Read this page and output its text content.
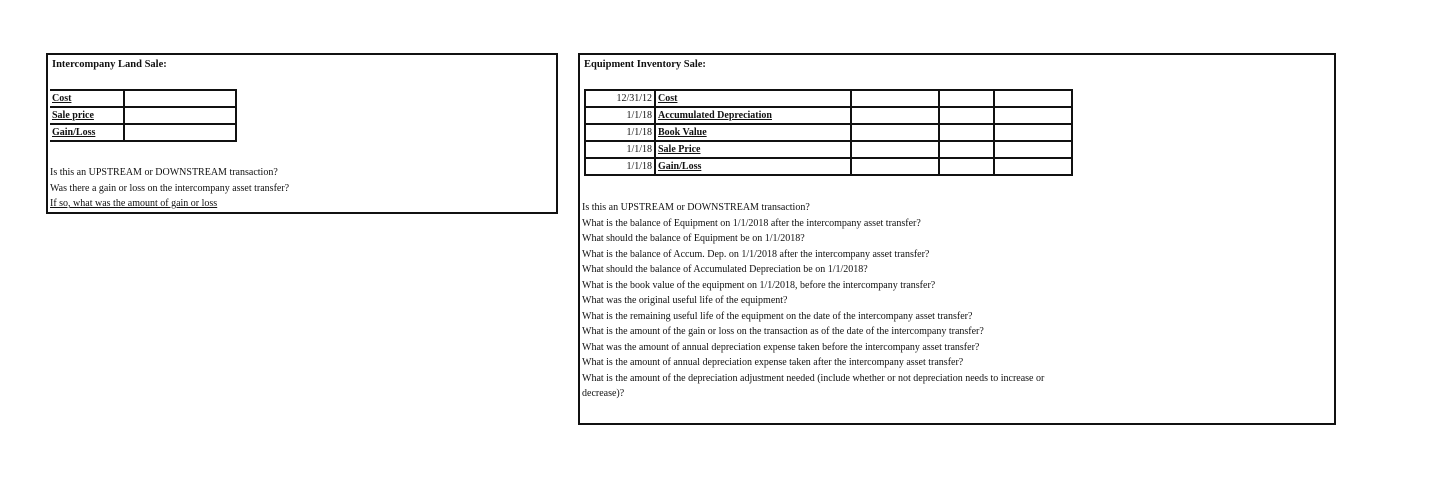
Intercompany Land Sale:
Cost	
Sale price	
Gain/Loss	
Is this an UPSTREAM or DOWNSTREAM transaction?
Was there a gain or loss on the intercompany asset transfer?
If so, what was the amount of gain or loss
Equipment Inventory Sale:
12/31/12	Cost			
1/1/18	Accumulated Depreciation			
1/1/18	Book Value			
1/1/18	Sale Price			
1/1/18	Gain/Loss			
Is this an UPSTREAM or DOWNSTREAM transaction?
What is the balance of Equipment on 1/1/2018 after the intercompany asset transfer?
What should the balance of Equipment be on 1/1/2018?
What is the balance of Accum. Dep. on 1/1/2018 after the intercompany asset transfer?
What should the balance of Accumulated Depreciation be on 1/1/2018?
What is the book value of the equipment on 1/1/2018, before the intercompany transfer?
What was the original useful life of the equipment?
What is the remaining useful life of the equipment on the date of the intercompany asset transfer?
What is the amount of the gain or loss on the transaction as of the date of the intercompany transfer?
What was the amount of annual depreciation expense taken before the intercompany asset transfer?
What is the amount of annual depreciation expense taken after the intercompany asset transfer?
What is the amount of the depreciation adjustment needed (include whether or not depreciation needs to increase or
decrease)?
